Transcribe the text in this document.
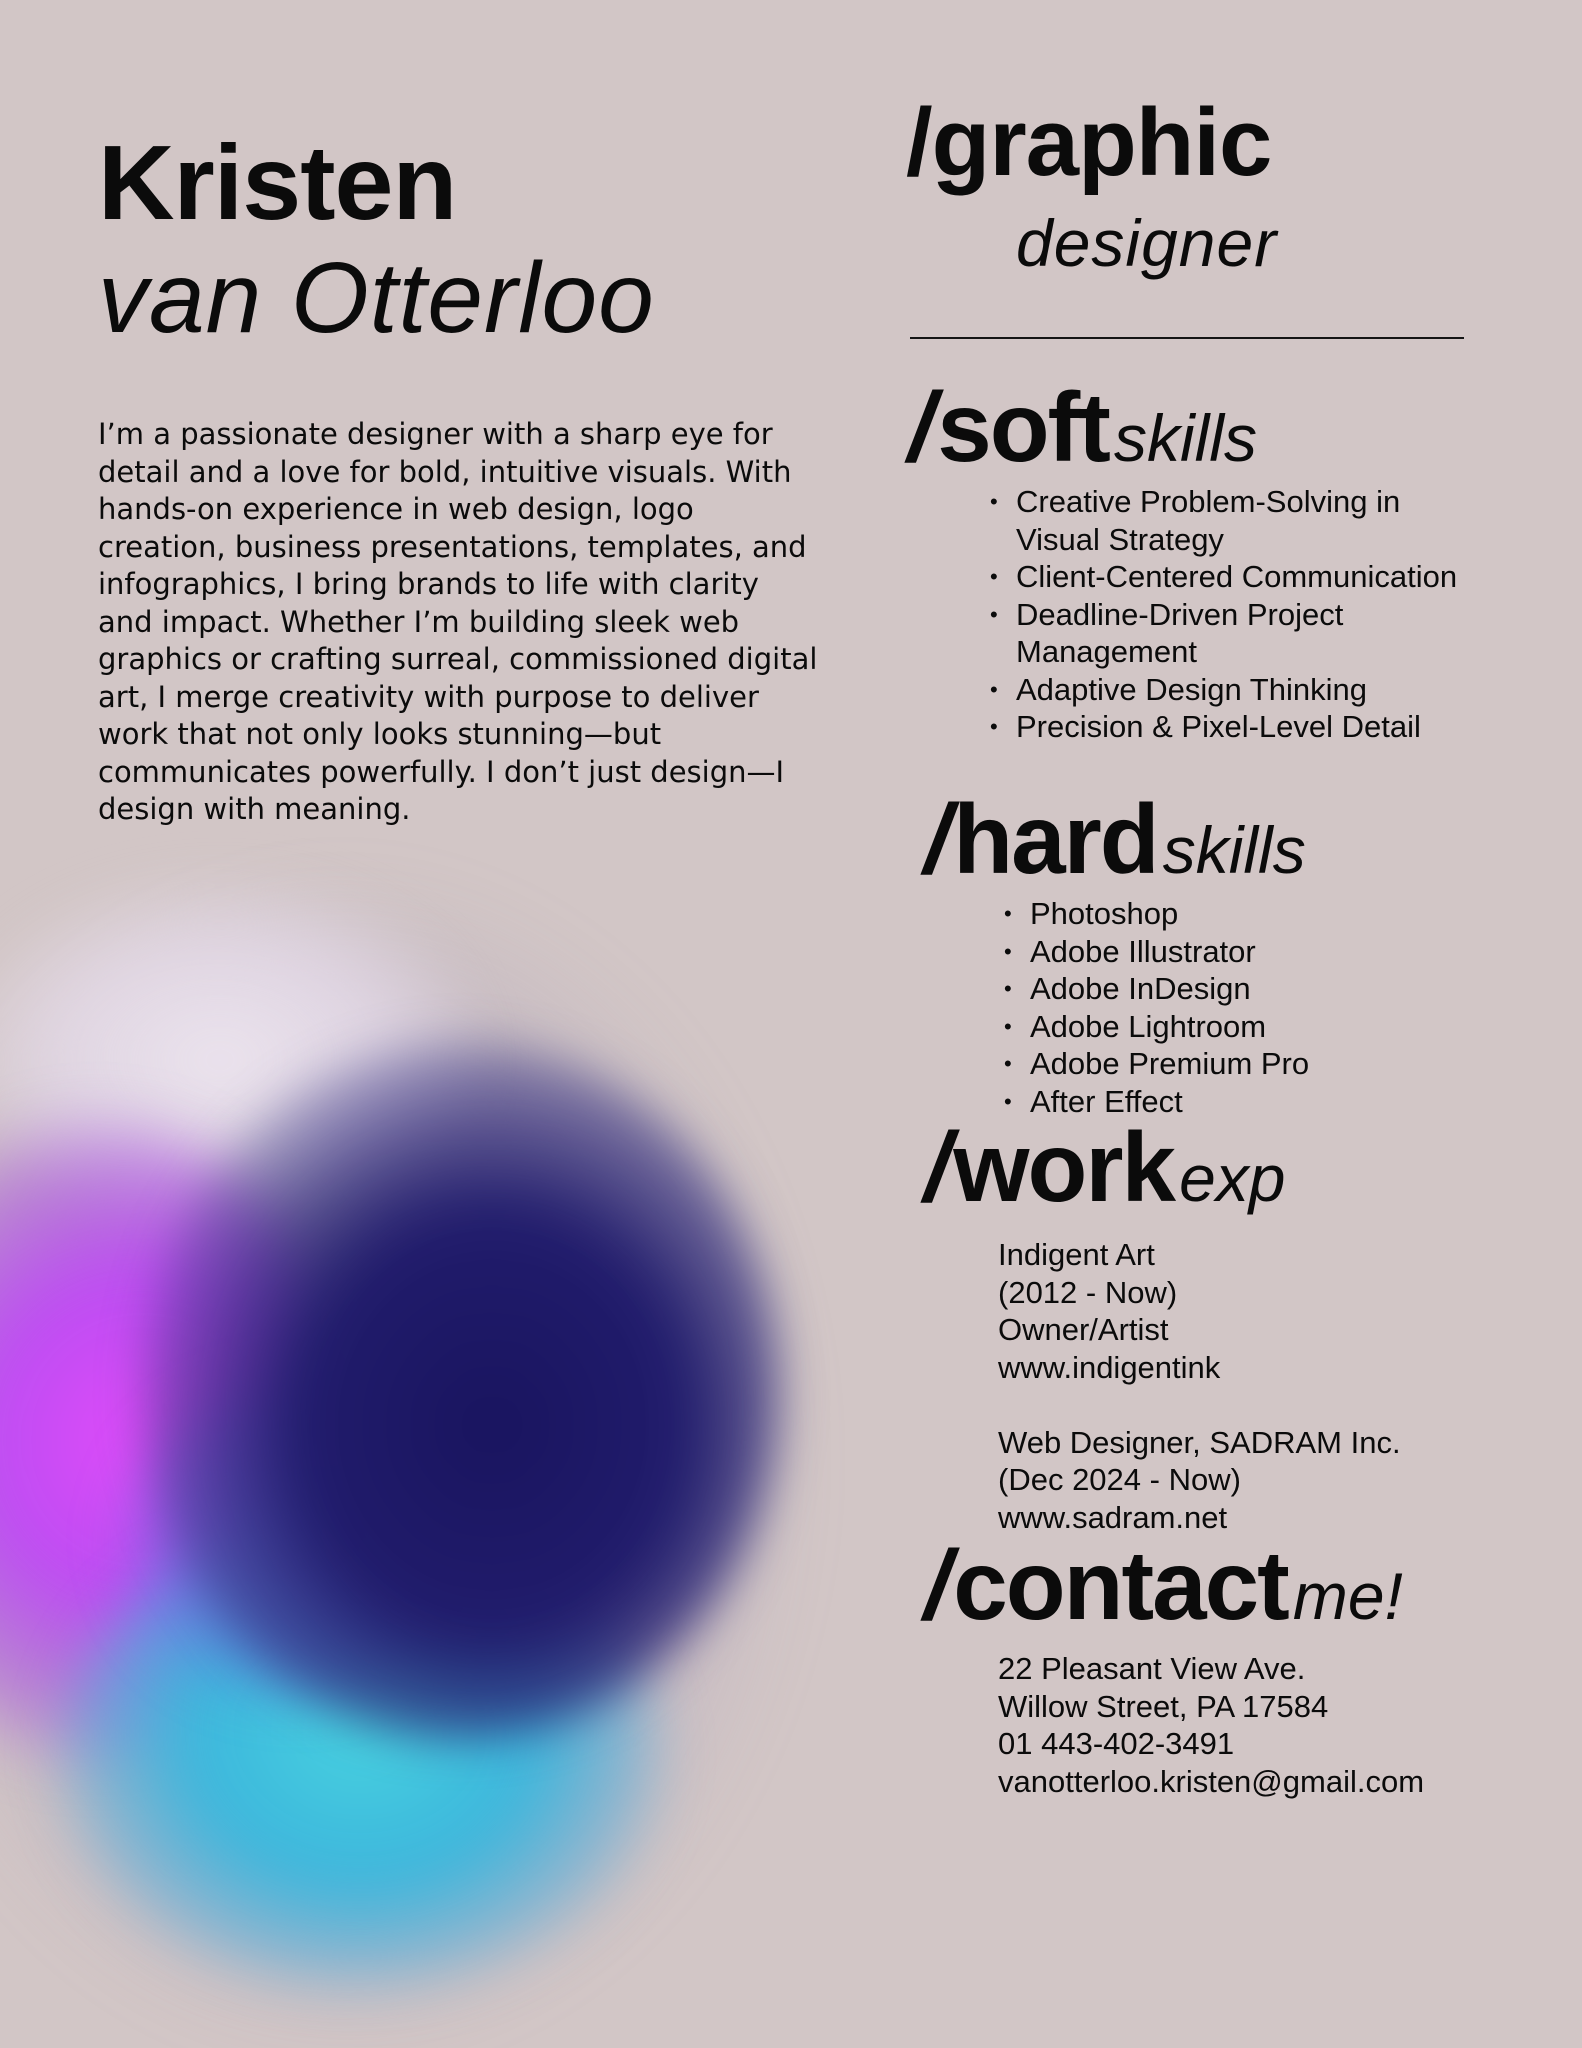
Kristen
van Otterloo

I’m a passionate designer with a sharp eye for detail and a love for bold, intuitive visuals. With hands-on experience in web design, logo creation, business presentations, templates, and infographics, I bring brands to life with clarity and impact. Whether I’m building sleek web graphics or crafting surreal, commissioned digital art, I merge creativity with purpose to deliver work that not only looks stunning—but communicates powerfully. I don’t just design—I design with meaning.

/graphic
designer
/soft skills
• Creative Problem-Solving in Visual Strategy
• Client-Centered Communication
• Deadline-Driven Project Management
• Adaptive Design Thinking
• Precision & Pixel-Level Detail
/hard skills
• Photoshop
• Adobe Illustrator
• Adobe InDesign
• Adobe Lightroom
• Adobe Premium Pro
• After Effect
/work exp
Indigent Art
(2012 - Now)
Owner/Artist
www.indigentink
Web Designer, SADRAM Inc.
(Dec 2024 - Now)
www.sadram.net
/contact me!
22 Pleasant View Ave.
Willow Street, PA 17584
01 443-402-3491
vanotterloo.kristen@gmail.com
